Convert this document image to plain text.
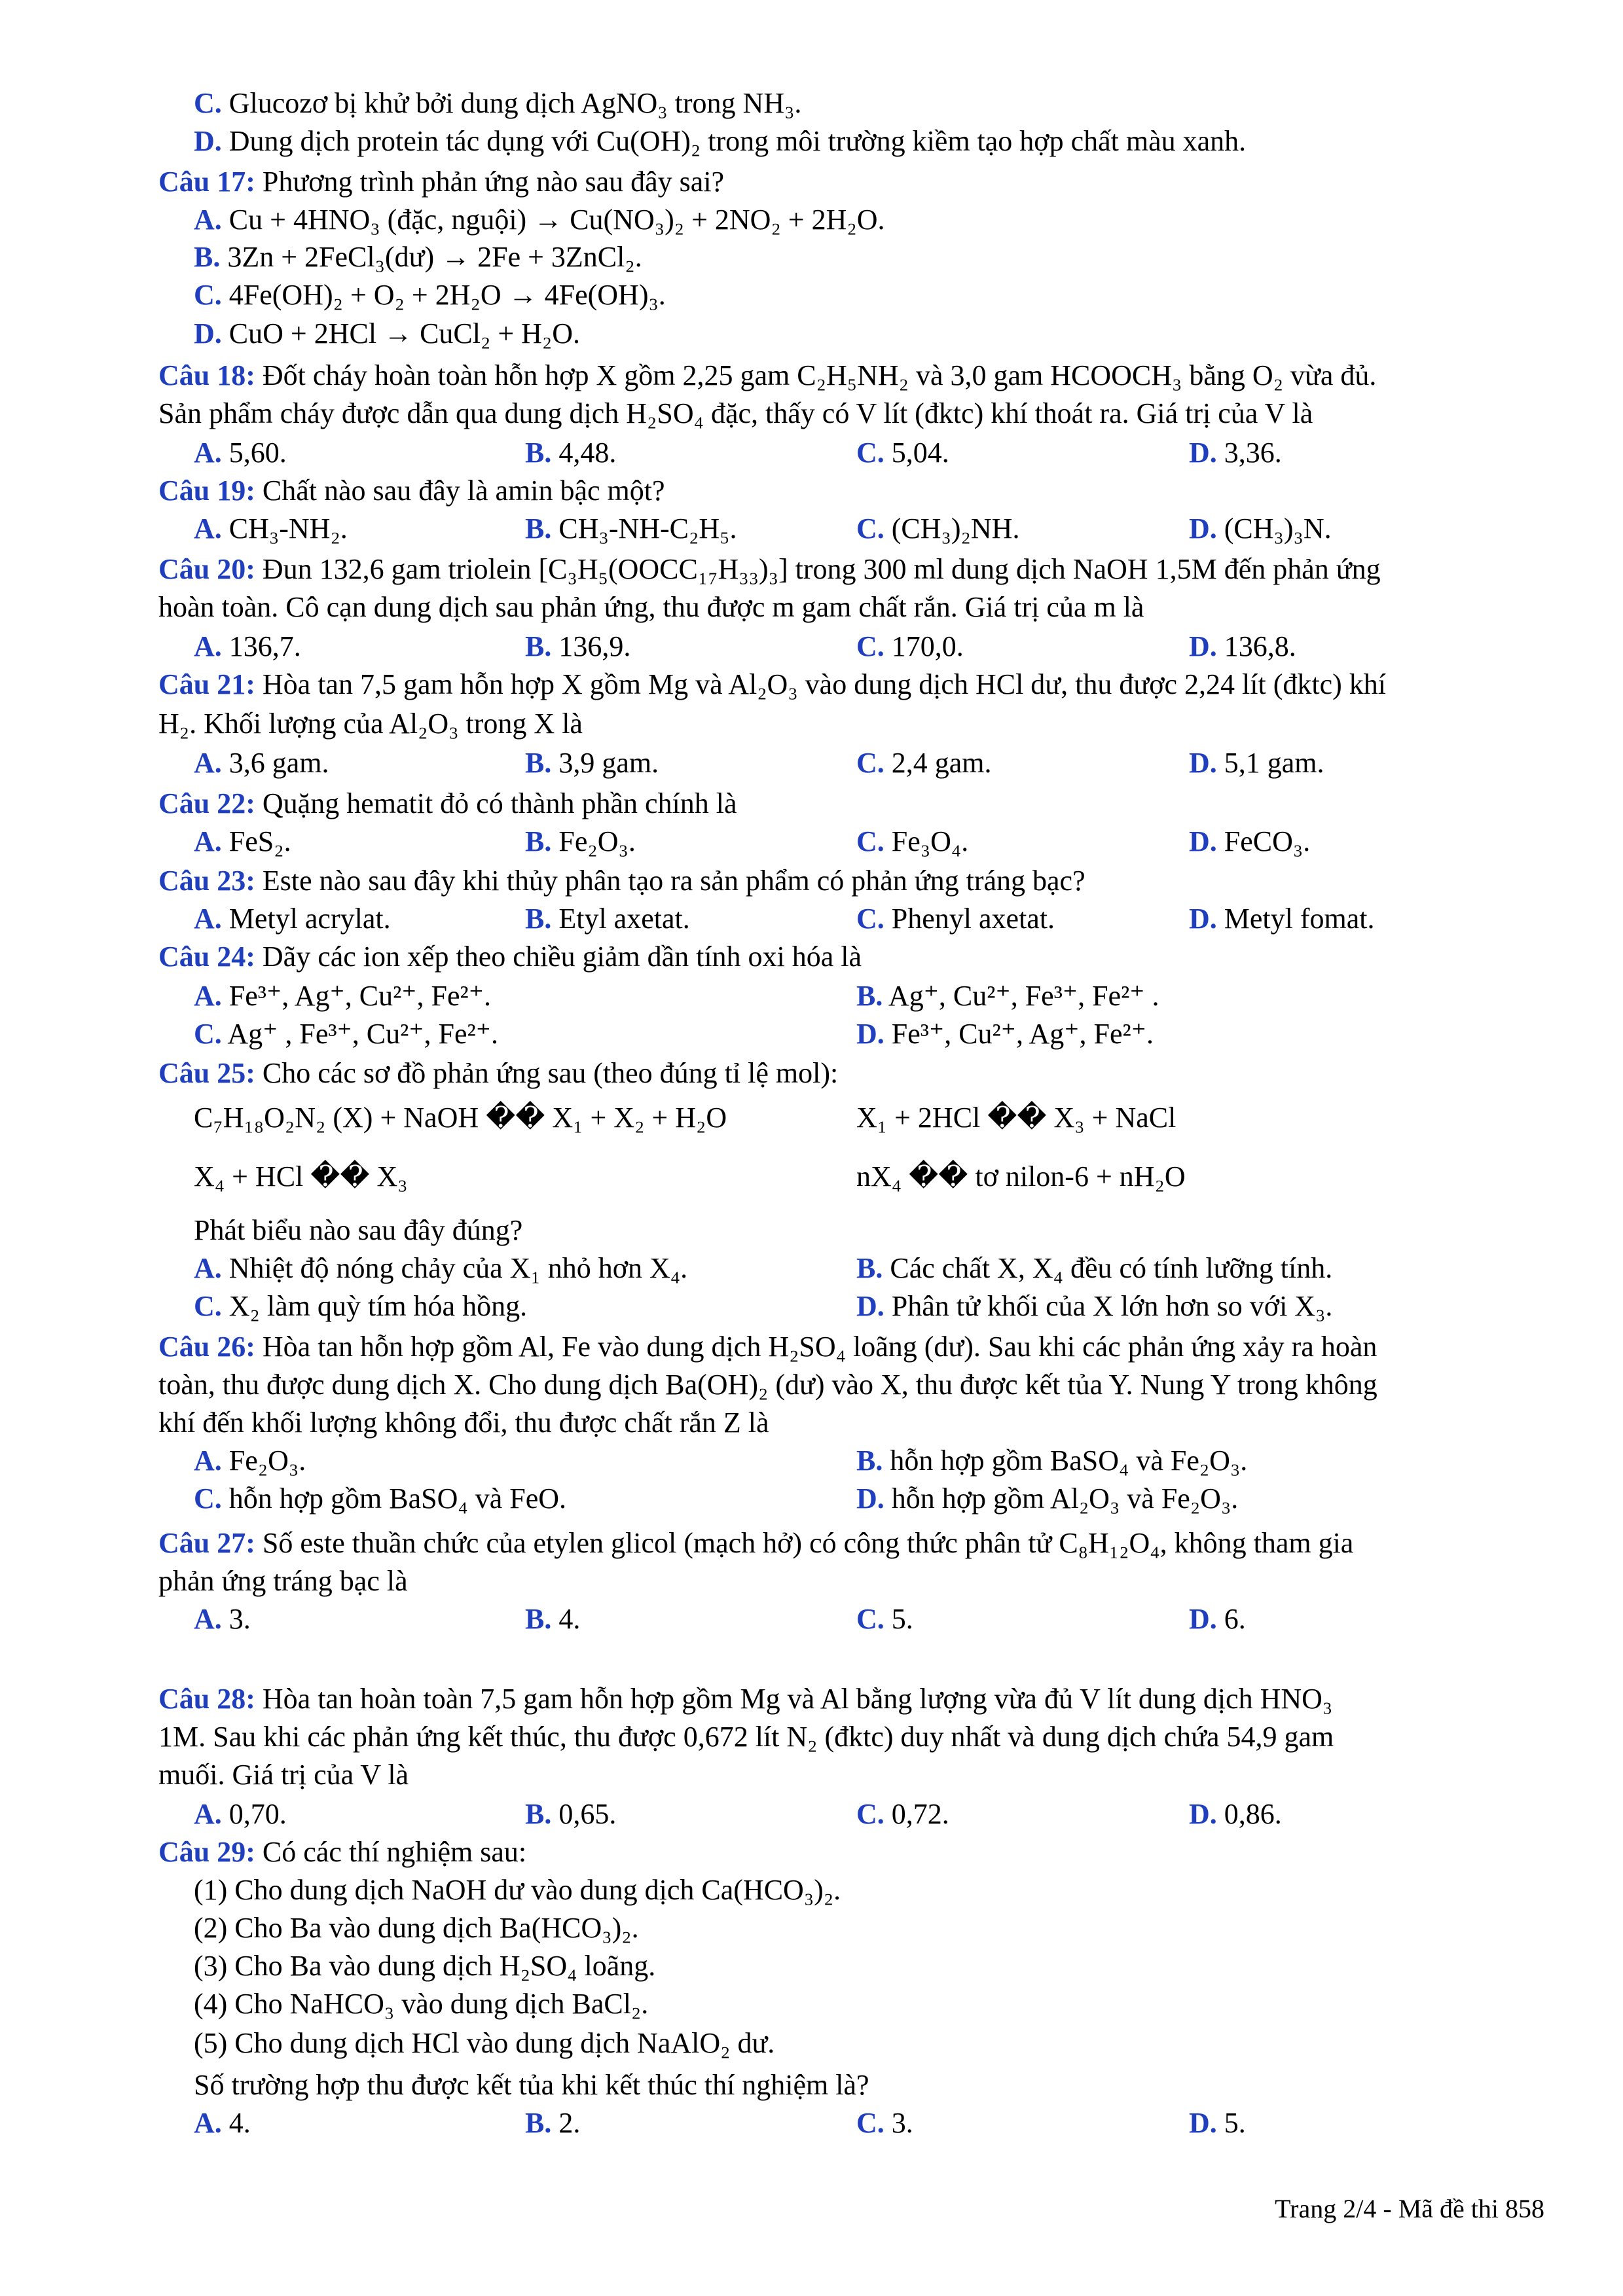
C. Glucozơ bị khử bởi dung dịch AgNO₃ trong NH₃.
D. Dung dịch protein tác dụng với Cu(OH)₂ trong môi trường kiềm tạo hợp chất màu xanh.
Câu 17: Phương trình phản ứng nào sau đây sai?
A. Cu + 4HNO₃ (đặc, nguội) → Cu(NO₃)₂ + 2NO₂ + 2H₂O.
B. 3Zn + 2FeCl₃(dư) → 2Fe + 3ZnCl₂.
C. 4Fe(OH)₂ + O₂ + 2H₂O → 4Fe(OH)₃.
D. CuO + 2HCl → CuCl₂ + H₂O.
Câu 18: Đốt cháy hoàn toàn hỗn hợp X gồm 2,25 gam C₂H₅NH₂ và 3,0 gam HCOOCH₃ bằng O₂ vừa đủ.
Sản phẩm cháy được dẫn qua dung dịch H₂SO₄ đặc, thấy có V lít (đktc) khí thoát ra. Giá trị của V là
A. 5,60.	B. 4,48.	C. 5,04.	D. 3,36.
Câu 19: Chất nào sau đây là amin bậc một?
A. CH₃-NH₂.	B. CH₃-NH-C₂H₅.	C. (CH₃)₂NH.	D. (CH₃)₃N.
Câu 20: Đun 132,6 gam triolein [C₃H₅(OOCC₁₇H₃₃)₃] trong 300 ml dung dịch NaOH 1,5M đến phản ứng
hoàn toàn. Cô cạn dung dịch sau phản ứng, thu được m gam chất rắn. Giá trị của m là
A. 136,7.	B. 136,9.	C. 170,0.	D. 136,8.
Câu 21: Hòa tan 7,5 gam hỗn hợp X gồm Mg và Al₂O₃ vào dung dịch HCl dư, thu được 2,24 lít (đktc) khí
H₂. Khối lượng của Al₂O₃ trong X là
A. 3,6 gam.	B. 3,9 gam.	C. 2,4 gam.	D. 5,1 gam.
Câu 22: Quặng hematit đỏ có thành phần chính là
A. FeS₂.	B. Fe₂O₃.	C. Fe₃O₄.	D. FeCO₃.
Câu 23: Este nào sau đây khi thủy phân tạo ra sản phẩm có phản ứng tráng bạc?
A. Metyl acrylat.	B. Etyl axetat.	C. Phenyl axetat.	D. Metyl fomat.
Câu 24: Dãy các ion xếp theo chiều giảm dần tính oxi hóa là
A. Fe³⁺, Ag⁺, Cu²⁺, Fe²⁺.	B. Ag⁺, Cu²⁺, Fe³⁺, Fe²⁺ .
C. Ag⁺ , Fe³⁺, Cu²⁺, Fe²⁺.	D. Fe³⁺, Cu²⁺, Ag⁺, Fe²⁺.
Câu 25: Cho các sơ đồ phản ứng sau (theo đúng tỉ lệ mol):
C₇H₁₈O₂N₂ (X) + NaOH �� X₁ + X₂ + H₂O	X₁ + 2HCl �� X₃ + NaCl
X₄ + HCl �� X₃	nX₄ �� tơ nilon-6 + nH₂O
Phát biểu nào sau đây đúng?
A. Nhiệt độ nóng chảy của X₁ nhỏ hơn X₄.	B. Các chất X, X₄ đều có tính lưỡng tính.
C. X₂ làm quỳ tím hóa hồng.	D. Phân tử khối của X lớn hơn so với X₃.
Câu 26: Hòa tan hỗn hợp gồm Al, Fe vào dung dịch H₂SO₄ loãng (dư). Sau khi các phản ứng xảy ra hoàn
toàn, thu được dung dịch X. Cho dung dịch Ba(OH)₂ (dư) vào X, thu được kết tủa Y. Nung Y trong không
khí đến khối lượng không đổi, thu được chất rắn Z là
A. Fe₂O₃.	B. hỗn hợp gồm BaSO₄ và Fe₂O₃.
C. hỗn hợp gồm BaSO₄ và FeO.	D. hỗn hợp gồm Al₂O₃ và Fe₂O₃.
Câu 27: Số este thuần chức của etylen glicol (mạch hở) có công thức phân tử C₈H₁₂O₄, không tham gia
phản ứng tráng bạc là
A. 3.	B. 4.	C. 5.	D. 6.
Câu 28: Hòa tan hoàn toàn 7,5 gam hỗn hợp gồm Mg và Al bằng lượng vừa đủ V lít dung dịch HNO₃
1M. Sau khi các phản ứng kết thúc, thu được 0,672 lít N₂ (đktc) duy nhất và dung dịch chứa 54,9 gam
muối. Giá trị của V là
A. 0,70.	B. 0,65.	C. 0,72.	D. 0,86.
Câu 29: Có các thí nghiệm sau:
(1) Cho dung dịch NaOH dư vào dung dịch Ca(HCO₃)₂.
(2) Cho Ba vào dung dịch Ba(HCO₃)₂.
(3) Cho Ba vào dung dịch H₂SO₄ loãng.
(4) Cho NaHCO₃ vào dung dịch BaCl₂.
(5) Cho dung dịch HCl vào dung dịch NaAlO₂ dư.
Số trường hợp thu được kết tủa khi kết thúc thí nghiệm là?
A. 4.	B. 2.	C. 3.	D. 5.
Trang 2/4 - Mã đề thi 858
